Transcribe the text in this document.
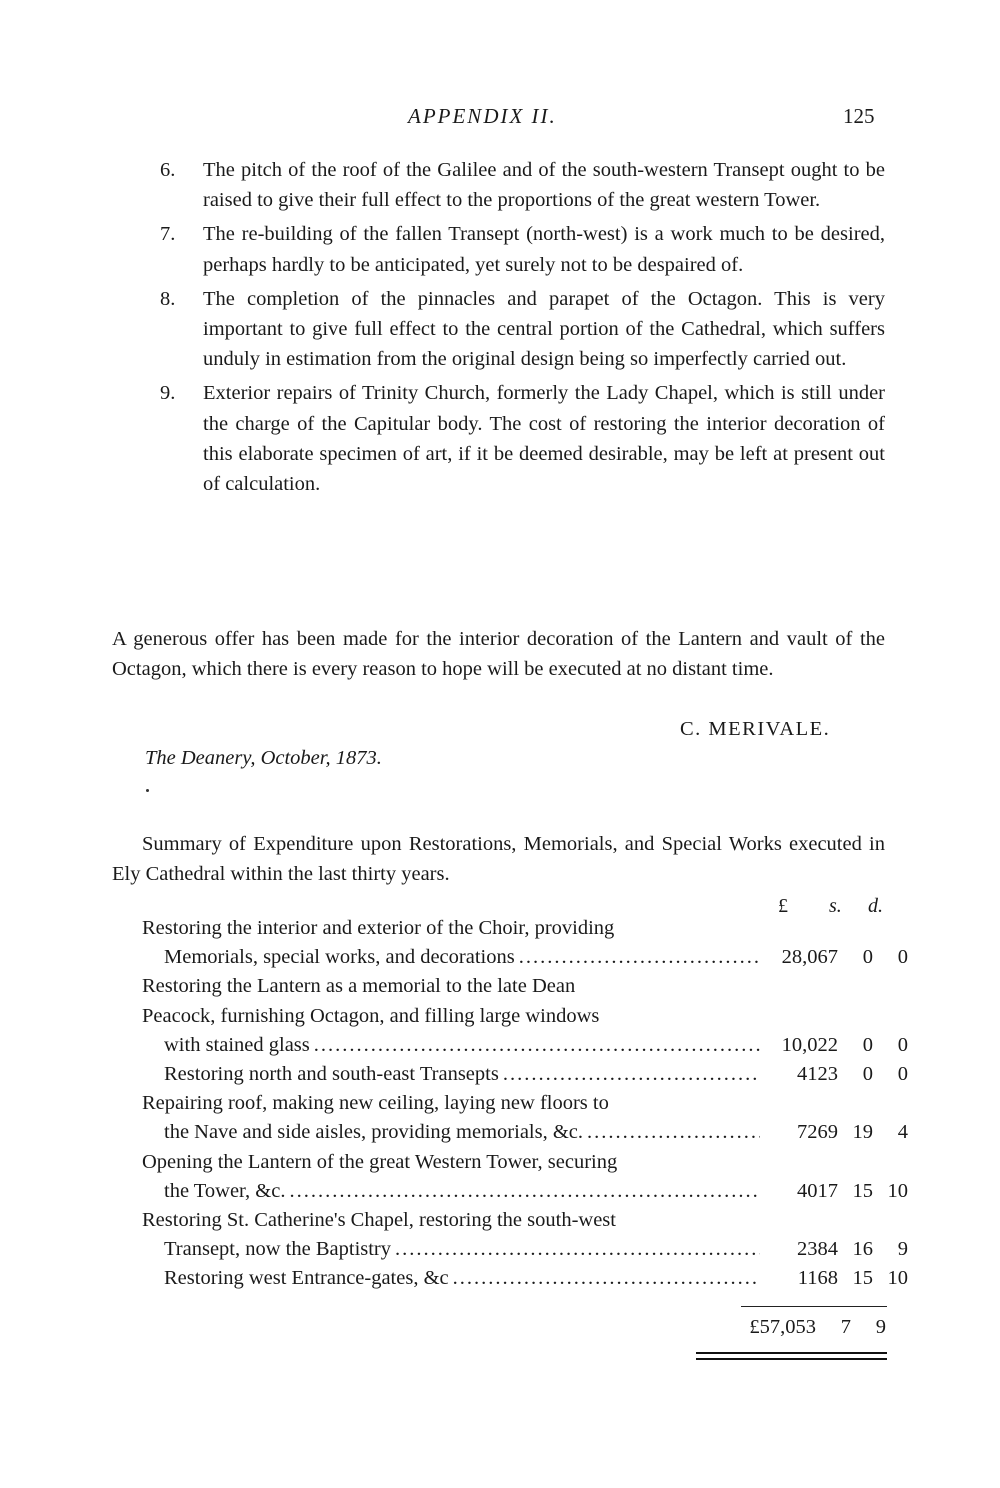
APPENDIX II.	125
6.	The pitch of the roof of the Galilee and of the south-western Transept ought to be raised to give their full effect to the proportions of the great western Tower.
7.	The re-building of the fallen Transept (north-west) is a work much to be desired, perhaps hardly to be anticipated, yet surely not to be despaired of.
8.	The completion of the pinnacles and parapet of the Octagon. This is very important to give full effect to the central portion of the Cathedral, which suffers unduly in estimation from the original design being so imperfectly carried out.
9.	Exterior repairs of Trinity Church, formerly the Lady Chapel, which is still under the charge of the Capitular body. The cost of restoring the interior decoration of this elaborate specimen of art, if it be deemed desirable, may be left at present out of calculation.

A generous offer has been made for the interior decoration of the Lantern and vault of the Octagon, which there is every reason to hope will be executed at no distant time.

C. MERIVALE.
The Deanery, October, 1873.

Summary of Expenditure upon Restorations, Memorials, and Special Works executed in Ely Cathedral within the last thirty years.

£ s. d.
Restoring the interior and exterior of the Choir, providing
Memorials, special works, and decorations .....	28,067	0	0
Restoring the Lantern as a memorial to the late Dean
Peacock, furnishing Octagon, and filling large windows
with stained glass .....	10,022	0	0
Restoring north and south-east Transepts .....	4123	0	0
Repairing roof, making new ceiling, laying new floors to
the Nave and side aisles, providing memorials, &c. .....	7269 19	4
Opening the Lantern of the great Western Tower, securing
the Tower, &c. .....	4017 15 10
Restoring St. Catherine's Chapel, restoring the south-west
Transept, now the Baptistry .....	2384 16	9
Restoring west Entrance-gates, &c .....	1168 15 10
£57,053	7	9
